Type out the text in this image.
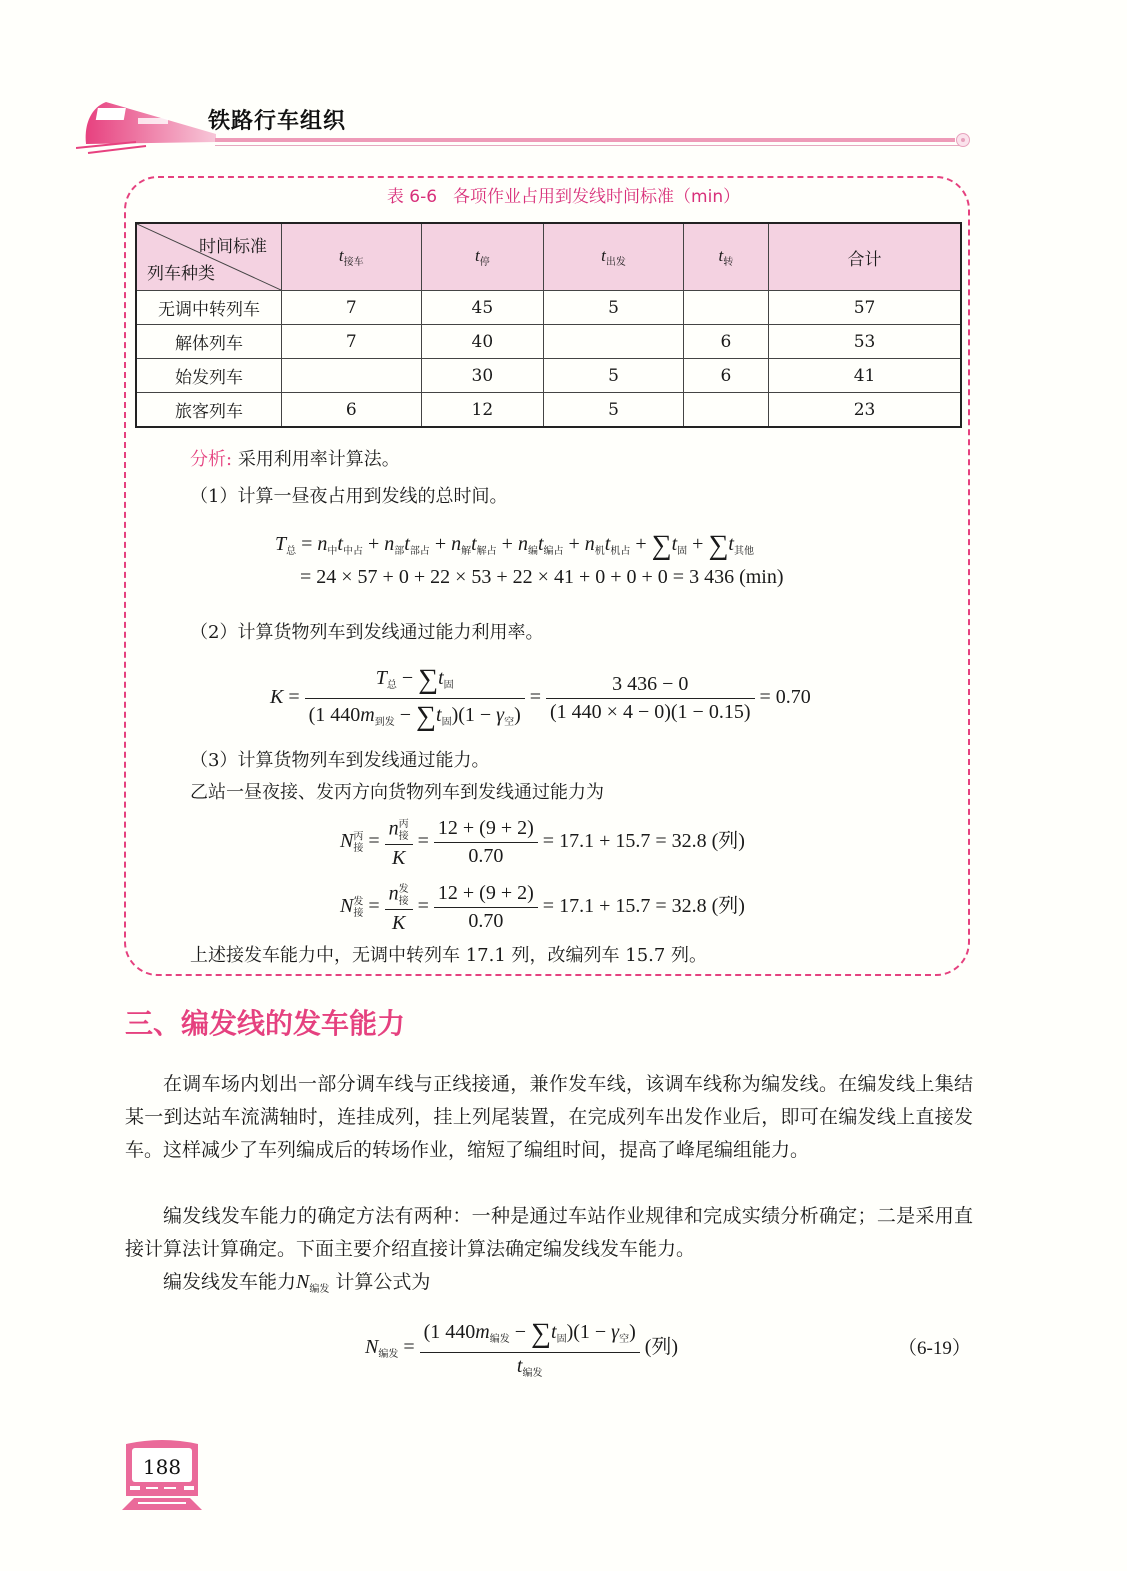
铁路行车组织
表 6-6 各项作业占用到发线时间标准（min）
时间标准
列车种类	$t_{接车}$	$t_停$	$t_{出发}$	$t_转$	合计
无调中转列车	7	45	5		57
解体列车	7	40		6	53
始发列车		30	5	6	41
旅客列车	6	12	5		23
分析: 采用利用率计算法。
（1）计算一昼夜占用到发线的总时间。
$T_总 = n_中t_{中占} + n_部t_{部占} + n_解t_{解占} + n_编t_{编占} + n_机t_{机占} + \sum t_固 + \sum t_{其他}$
= 24 × 57 + 0 + 22 × 53 + 22 × 41 + 0 + 0 + 0 = 3 436 (min)
（2）计算货物列车到发线通过能力利用率。
$K = \frac{T_总 - \sum t_固}{(1 440m_{到发} - \sum t_固)(1 - \gamma_空)} = \frac{3 436 - 0}{(1 440 \times 4 - 0)(1 - 0.15)} = 0.70$
（3）计算货物列车到发线通过能力。
乙站一昼夜接、发丙方向货物列车到发线通过能力为
$N^丙_接 = \frac{n^丙_接}{K} = \frac{12 + (9 + 2)}{0.70} = 17.1 + 15.7 = 32.8$ (列)
$N^发_接 = \frac{n^发_接}{K} = \frac{12 + (9 + 2)}{0.70} = 17.1 + 15.7 = 32.8$ (列)
上述接发车能力中，无调中转列车 17.1 列，改编列车 15.7 列。
三、编发线的发车能力
在调车场内划出一部分调车线与正线接通，兼作发车线，该调车线称为编发线。在编发线上集结某一到达站车流满轴时，连挂成列，挂上列尾装置，在完成列车出发作业后，即可在编发线上直接发车。这样减少了车列编成后的转场作业，缩短了编组时间，提高了峰尾编组能力。
编发线发车能力的确定方法有两种：一种是通过车站作业规律和完成实绩分析确定；二是采用直接计算法计算确定。下面主要介绍直接计算法确定编发线发车能力。
编发线发车能力$N_{编发}$ 计算公式为
$N_{编发} = \frac{(1 440m_{编发} - \sum t_固)(1 - \gamma_空)}{t_{编发}}$ (列)	（6-19）
188
